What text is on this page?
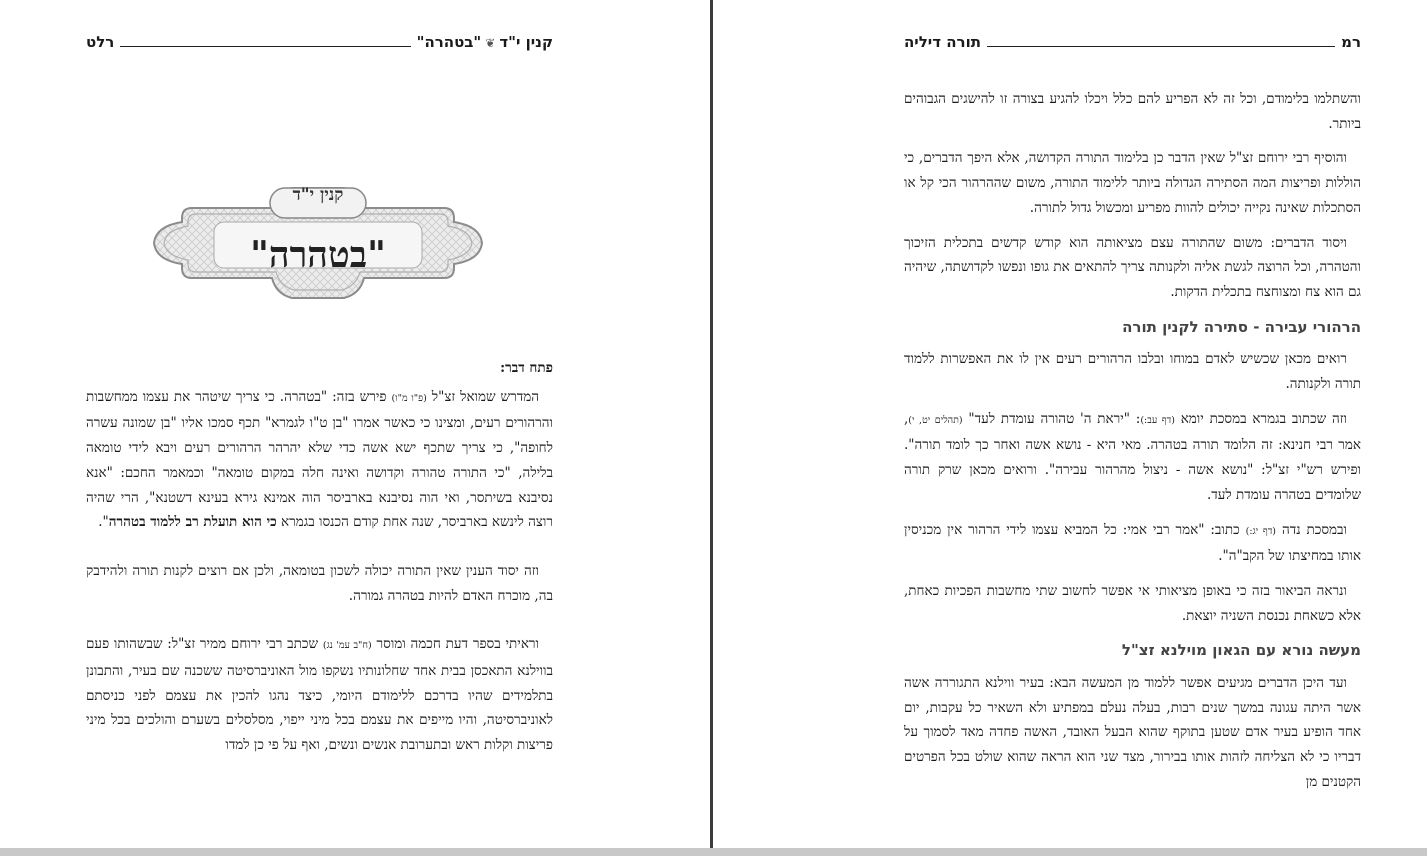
קנין י"ד
❦
"בטהרה"
רלט
קנין י"ד
"בטהרה"

פתח דבר:

המדרש שמואל זצ"ל (פ"ו מ"ו) פירש בזה: "בטהרה. כי צריך שיטהר את עצמו ממחשבות והרהורים רעים, ומצינו כי כאשר אמרו "בן ט"ו לגמרא" תכף סמכו אליו "בן שמונה עשרה לחופה", כי צריך שתכף ישא אשה כדי שלא יהרהר הרהורים רעים ויבא לידי טומאה בלילה, "כי התורה טהורה וקדושה ואינה חלה במקום טומאה" וכמאמר החכם: "אנא נסיבנא בשיתסר, ואי הוה נסיבנא בארביסר הוה אמינא גירא בעינא דשטנא", הרי שהיה רוצה לינשא בארביסר, שנה אחת קודם הכנסו בגמרא כי הוא תועלת רב ללמוד בטהרה".

וזה יסוד הענין שאין התורה יכולה לשכון בטומאה, ולכן אם רוצים לקנות תורה ולהידבק בה, מוכרח האדם להיות בטהרה גמורה.

וראיתי בספר דעת חכמה ומוסר (ח"ב עמ' נג) שכתב רבי ירוחם ממיר זצ"ל: שבשהותו פעם בווילנא התאכסן בבית אחד שחלונותיו נשקפו מול האוניברסיטה ששכנה שם בעיר, והתבונן בתלמידים שהיו בדרכם ללימודם היומי, כיצד נהגו להכין את עצמם לפני כניסתם לאוניברסיטה, והיו מייפים את עצמם בכל מיני ייפוי, מסלסלים בשערם והולכים בכל מיני פריצות וקלות ראש ובתערובת אנשים ונשים, ואף על פי כן למדו

רמ
תורה דיליה

והשתלמו בלימודם, וכל זה לא הפריע להם כלל ויכלו להגיע בצורה זו להישגים הגבוהים ביותר.

והוסיף רבי ירוחם זצ"ל שאין הדבר כן בלימוד התורה הקדושה, אלא היפך הדברים, כי הוללות ופריצות המה הסתירה הגדולה ביותר ללימוד התורה, משום שההרהור הכי קל או הסתכלות שאינה נקייה יכולים להוות מפריע ומכשול גדול לתורה.

ויסוד הדברים: משום שהתורה עצם מציאותה הוא קודש קדשים בתכלית הזיכוך והטהרה, וכל הרוצה לגשת אליה ולקנותה צריך להתאים את גופו ונפשו לקדושתה, שיהיה גם הוא צח ומצוחצח בתכלית הדקות.

הרהורי עבירה - סתירה לקנין תורה

רואים מכאן שכשיש לאדם במוחו ובלבו הרהורים רעים אין לו את האפשרות ללמוד תורה ולקנותה.

וזה שכתוב בגמרא במסכת יומא (דף עב:): "יראת ה' טהורה עומדת לעד" (תהלים יט, י), אמר רבי חנינא: זה הלומד תורה בטהרה. מאי היא - נושא אשה ואחר כך לומד תורה". ופירש רש"י זצ"ל: "נושא אשה - ניצול מהרהור עבירה". ורואים מכאן שרק תורה שלומדים בטהרה עומדת לעד.

ובמסכת נדה (דף יג:) כתוב: "אמר רבי אמי: כל המביא עצמו לידי הרהור אין מכניסין אותו במחיצתו של הקב"ה".

ונראה הביאור בזה כי באופן מציאותי אי אפשר לחשוב שתי מחשבות הפכיות כאחת, אלא כשאחת נכנסת השניה יוצאת.

מעשה נורא עם הגאון מוילנא זצ"ל

ועד היכן הדברים מגיעים אפשר ללמוד מן המעשה הבא: בעיר ווילנא התגוררה אשה אשר היתה עגונה במשך שנים רבות, בעלה נעלם במפתיע ולא השאיר כל עקבות, יום אחד הופיע בעיר אדם שטען בתוקף שהוא הבעל האובד, האשה פחדה מאד לסמוך על דבריו כי לא הצליחה לזהות אותו בבירור, מצד שני הוא הראה שהוא שולט בכל הפרטים הקטנים מן
